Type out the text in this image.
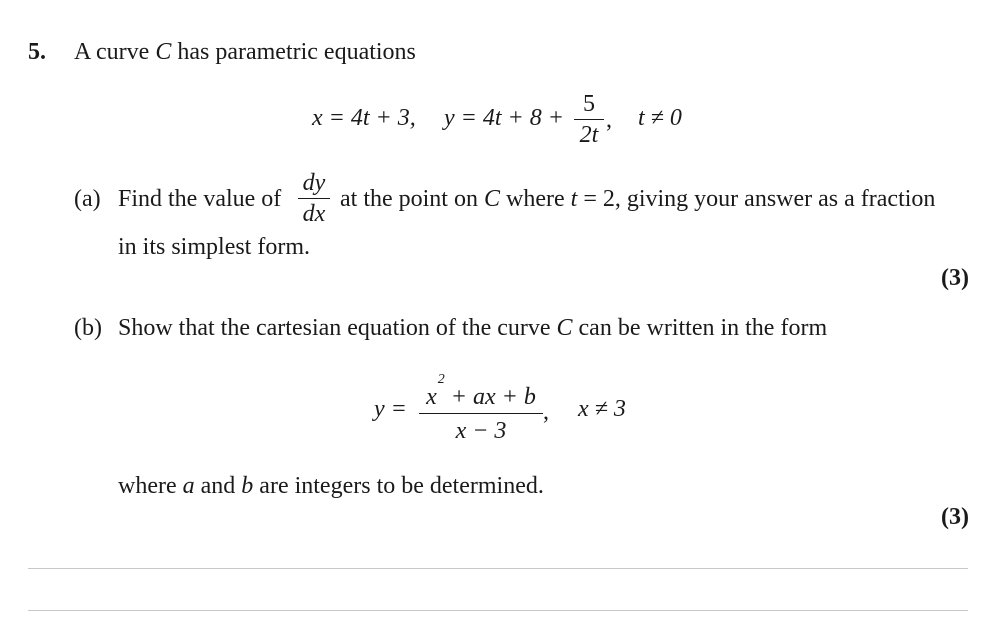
5. A curve C has parametric equations
x = 4t + 3, y = 4t + 8 +
5
2t
, t ≠ 0
(a) Find the value of
dy
dx
at the point on C where t = 2, giving your answer as a fraction
in its simplest form.
(3)
(b) Show that the cartesian equation of the curve C can be written in the form
$y = x^2$ + ax + b
x − 3
, x ≠ 3
where a and b are integers to be determined.
(3)
